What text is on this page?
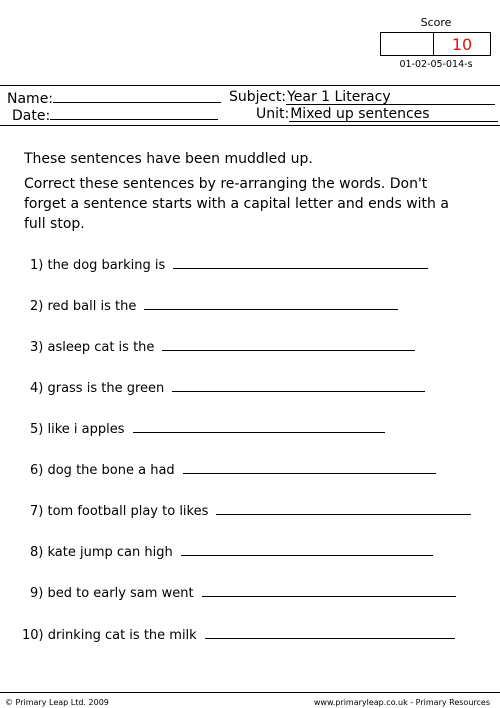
Score
10
01-02-05-014-s
Name:
Date:
Subject:Year 1 Literacy
Unit:Mixed up sentences
These sentences have been muddled up.
Correct these sentences by re-arranging the words. Don't forget a sentence starts with a capital letter and ends with a full stop.
1) the dog barking is
2) red ball is the
3) asleep cat is the
4) grass is the green
5) like i apples
6) dog the bone a had
7) tom football play to likes
8) kate jump can high
9) bed to early sam went
10) drinking cat is the milk
© Primary Leap Ltd. 2009	www.primaryleap.co.uk - Primary Resources
